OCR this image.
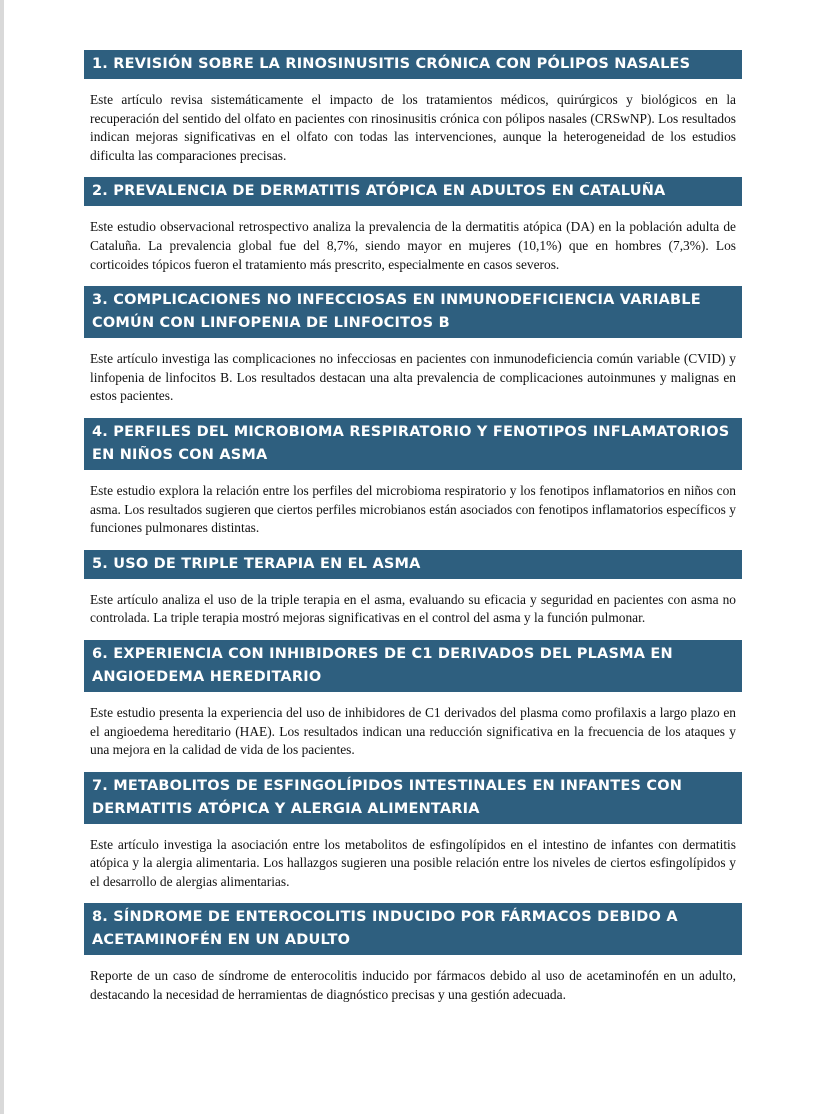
1. REVISIÓN SOBRE LA RINOSINUSITIS CRÓNICA CON PÓLIPOS NASALES

Este artículo revisa sistemáticamente el impacto de los tratamientos médicos, quirúrgicos y biológicos en la recuperación del sentido del olfato en pacientes con rinosinusitis crónica con pólipos nasales (CRSwNP). Los resultados indican mejoras significativas en el olfato con todas las intervenciones, aunque la heterogeneidad de los estudios dificulta las comparaciones precisas.

2. PREVALENCIA DE DERMATITIS ATÓPICA EN ADULTOS EN CATALUÑA

Este estudio observacional retrospectivo analiza la prevalencia de la dermatitis atópica (DA) en la población adulta de Cataluña. La prevalencia global fue del 8,7%, siendo mayor en mujeres (10,1%) que en hombres (7,3%). Los corticoides tópicos fueron el tratamiento más prescrito, especialmente en casos severos.

3. COMPLICACIONES NO INFECCIOSAS EN INMUNODEFICIENCIA VARIABLE COMÚN CON LINFOPENIA DE LINFOCITOS B

Este artículo investiga las complicaciones no infecciosas en pacientes con inmunodeficiencia común variable (CVID) y linfopenia de linfocitos B. Los resultados destacan una alta prevalencia de complicaciones autoinmunes y malignas en estos pacientes.

4. PERFILES DEL MICROBIOMA RESPIRATORIO Y FENOTIPOS INFLAMATORIOS EN NIÑOS CON ASMA

Este estudio explora la relación entre los perfiles del microbioma respiratorio y los fenotipos inflamatorios en niños con asma. Los resultados sugieren que ciertos perfiles microbianos están asociados con fenotipos inflamatorios específicos y funciones pulmonares distintas.

5. USO DE TRIPLE TERAPIA EN EL ASMA

Este artículo analiza el uso de la triple terapia en el asma, evaluando su eficacia y seguridad en pacientes con asma no controlada. La triple terapia mostró mejoras significativas en el control del asma y la función pulmonar.

6. EXPERIENCIA CON INHIBIDORES DE C1 DERIVADOS DEL PLASMA EN ANGIOEDEMA HEREDITARIO

Este estudio presenta la experiencia del uso de inhibidores de C1 derivados del plasma como profilaxis a largo plazo en el angioedema hereditario (HAE). Los resultados indican una reducción significativa en la frecuencia de los ataques y una mejora en la calidad de vida de los pacientes.

7. METABOLITOS DE ESFINGOLÍPIDOS INTESTINALES EN INFANTES CON DERMATITIS ATÓPICA Y ALERGIA ALIMENTARIA

Este artículo investiga la asociación entre los metabolitos de esfingolípidos en el intestino de infantes con dermatitis atópica y la alergia alimentaria. Los hallazgos sugieren una posible relación entre los niveles de ciertos esfingolípidos y el desarrollo de alergias alimentarias.

8. SÍNDROME DE ENTEROCOLITIS INDUCIDO POR FÁRMACOS DEBIDO A ACETAMINOFÉN EN UN ADULTO

Reporte de un caso de síndrome de enterocolitis inducido por fármacos debido al uso de acetaminofén en un adulto, destacando la necesidad de herramientas de diagnóstico precisas y una gestión adecuada.
